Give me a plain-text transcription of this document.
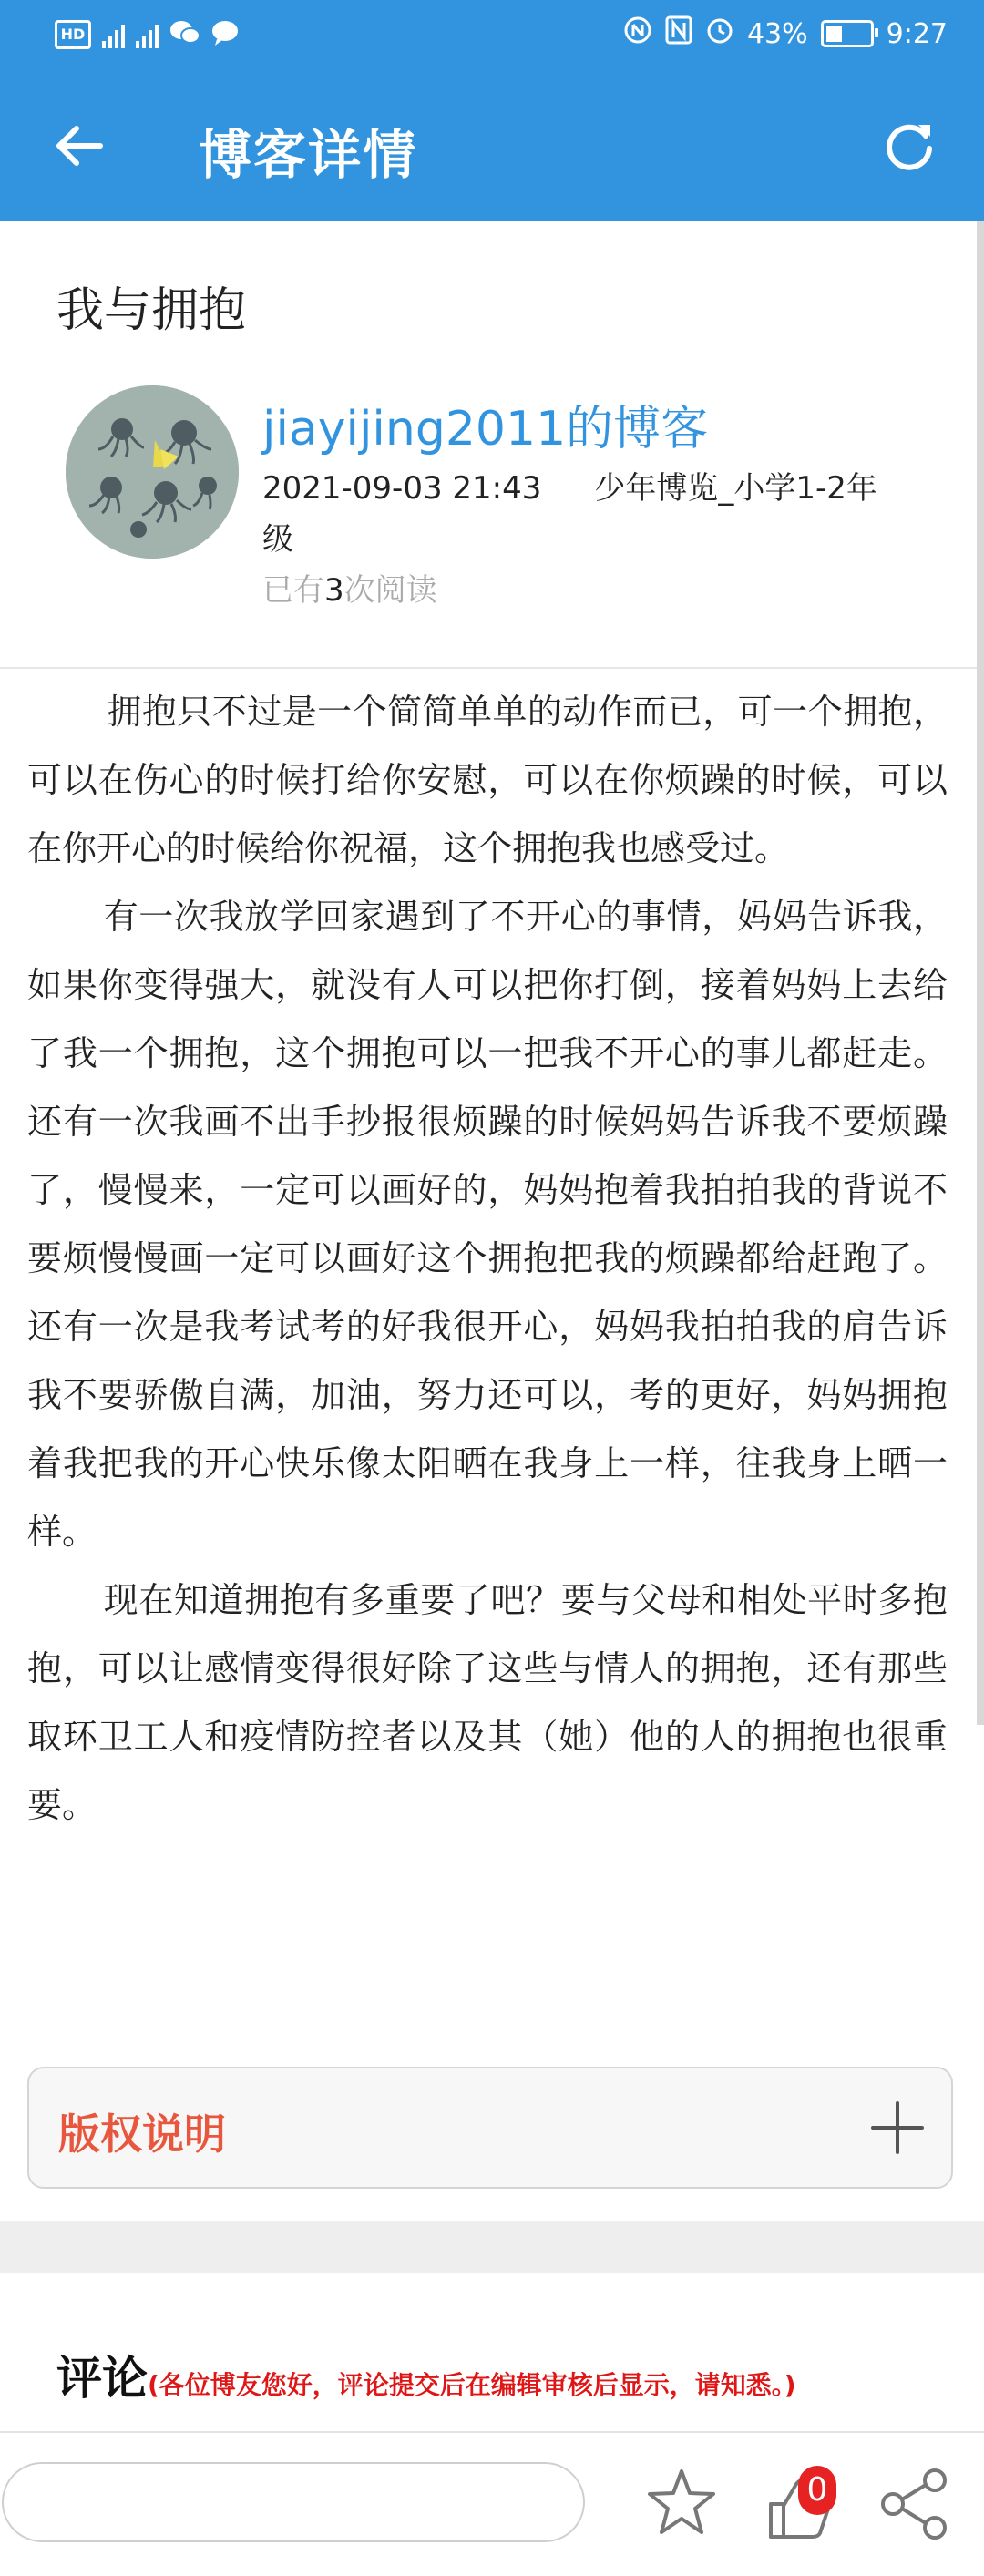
HD	43%	9:27
博客详情
我与拥抱
jiayijing2011的博客
2021-09-03 21:43 少年博览_小学1-2年级
已有3次阅读

拥抱只不过是一个简简单单的动作而已，可一个拥抱，可以在伤心的时候打给你安慰，可以在你烦躁的时候，可以在你开心的时候给你祝福，这个拥抱我也感受过。

有一次我放学回家遇到了不开心的事情，妈妈告诉我，如果你变得强大，就没有人可以把你打倒，接着妈妈上去给了我一个拥抱，这个拥抱可以一把我不开心的事儿都赶走。还有一次我画不出手抄报很烦躁的时候妈妈告诉我不要烦躁了，慢慢来，一定可以画好的，妈妈抱着我拍拍我的背说不要烦慢慢画一定可以画好这个拥抱把我的烦躁都给赶跑了。还有一次是我考试考的好我很开心，妈妈我拍拍我的肩告诉我不要骄傲自满，加油，努力还可以，考的更好，妈妈拥抱着我把我的开心快乐像太阳晒在我身上一样，往我身上晒一样。

现在知道拥抱有多重要了吧？要与父母和相处平时多抱抱，可以让感情变得很好除了这些与情人的拥抱，还有那些取环卫工人和疫情防控者以及其（她）他的人的拥抱也很重要。

版权说明
评论(各位博友您好，评论提交后在编辑审核后显示，请知悉。)
0
